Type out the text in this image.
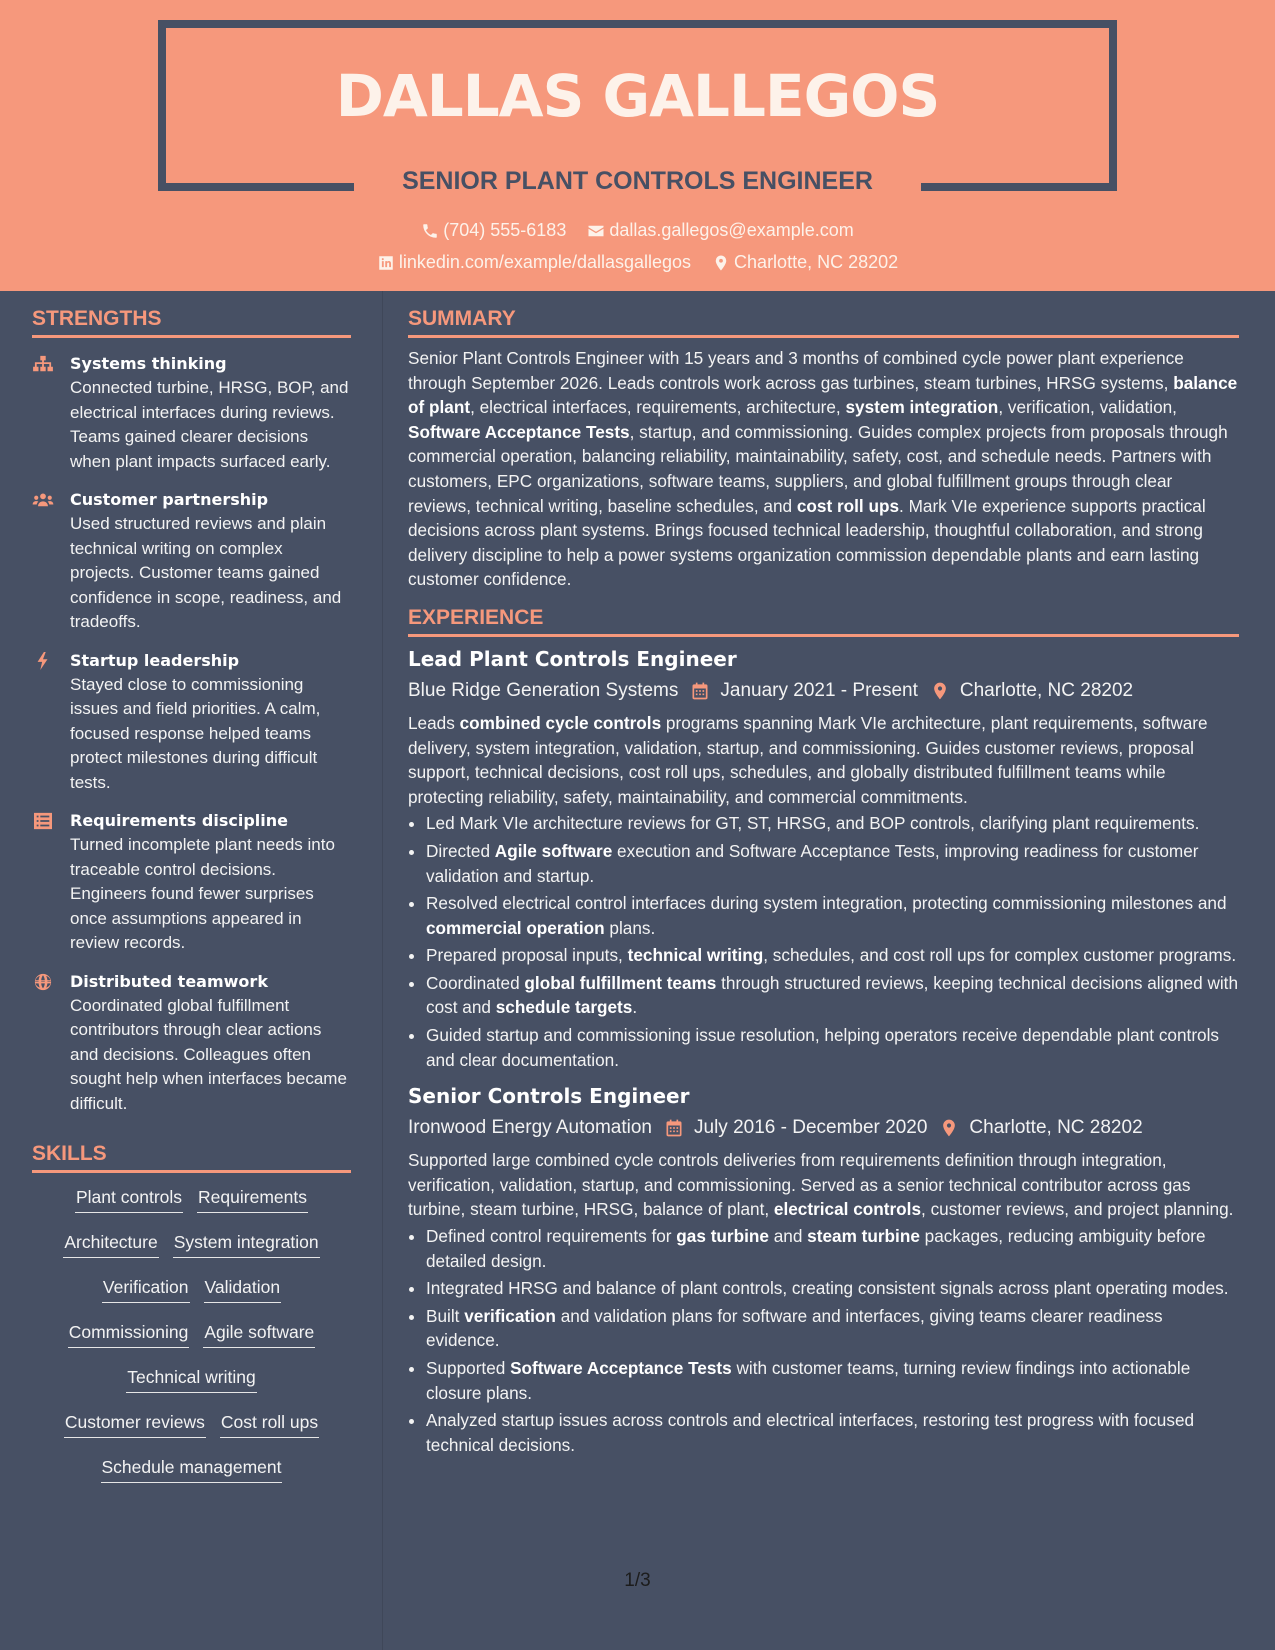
DALLAS GALLEGOS
SENIOR PLANT CONTROLS ENGINEER
(704) 555-6183
dallas.gallegos@example.com
linkedin.com/example/dallasgallegos
Charlotte, NC 28202
STRENGTHS
Systems thinking
Connected turbine, HRSG, BOP, and electrical interfaces during reviews. Teams gained clearer decisions when plant impacts surfaced early.
Customer partnership
Used structured reviews and plain technical writing on complex projects. Customer teams gained confidence in scope, readiness, and tradeoffs.
Startup leadership
Stayed close to commissioning issues and field priorities. A calm, focused response helped teams protect milestones during difficult tests.
Requirements discipline
Turned incomplete plant needs into traceable control decisions. Engineers found fewer surprises once assumptions appeared in review records.
Distributed teamwork
Coordinated global fulfillment contributors through clear actions and decisions. Colleagues often sought help when interfaces became difficult.
SKILLS
Plant controls Requirements
Architecture System integration
Verification Validation
Commissioning Agile software
Technical writing
Customer reviews Cost roll ups
Schedule management
SUMMARY

Senior Plant Controls Engineer with 15 years and 3 months of combined cycle power plant experience through September 2026. Leads controls work across gas turbines, steam turbines, HRSG systems, balance of plant, electrical interfaces, requirements, architecture, system integration, verification, validation, Software Acceptance Tests, startup, and commissioning. Guides complex projects from proposals through commercial operation, balancing reliability, maintainability, safety, cost, and schedule needs. Partners with customers, EPC organizations, software teams, suppliers, and global fulfillment groups through clear reviews, technical writing, baseline schedules, and cost roll ups. Mark VIe experience supports practical decisions across plant systems. Brings focused technical leadership, thoughtful collaboration, and strong delivery discipline to help a power systems organization commission dependable plants and earn lasting customer confidence.

EXPERIENCE
Lead Plant Controls Engineer
Blue Ridge Generation Systems January 2021 - Present Charlotte, NC 28202

Leads combined cycle controls programs spanning Mark VIe architecture, plant requirements, software delivery, system integration, validation, startup, and commissioning. Guides customer reviews, proposal support, technical decisions, cost roll ups, schedules, and globally distributed fulfillment teams while protecting reliability, safety, maintainability, and commercial commitments.

• Led Mark VIe architecture reviews for GT, ST, HRSG, and BOP controls, clarifying plant requirements.
• Directed Agile software execution and Software Acceptance Tests, improving readiness for customer validation and startup.
• Resolved electrical control interfaces during system integration, protecting commissioning milestones and commercial operation plans.
• Prepared proposal inputs, technical writing, schedules, and cost roll ups for complex customer programs.
• Coordinated global fulfillment teams through structured reviews, keeping technical decisions aligned with cost and schedule targets.
• Guided startup and commissioning issue resolution, helping operators receive dependable plant controls and clear documentation.
Senior Controls Engineer
Ironwood Energy Automation July 2016 - December 2020 Charlotte, NC 28202

Supported large combined cycle controls deliveries from requirements definition through integration, verification, validation, startup, and commissioning. Served as a senior technical contributor across gas turbine, steam turbine, HRSG, balance of plant, electrical controls, customer reviews, and project planning.

• Defined control requirements for gas turbine and steam turbine packages, reducing ambiguity before detailed design.
• Integrated HRSG and balance of plant controls, creating consistent signals across plant operating modes.
• Built verification and validation plans for software and interfaces, giving teams clearer readiness evidence.
• Supported Software Acceptance Tests with customer teams, turning review findings into actionable closure plans.
• Analyzed startup issues across controls and electrical interfaces, restoring test progress with focused technical decisions.
1/3
